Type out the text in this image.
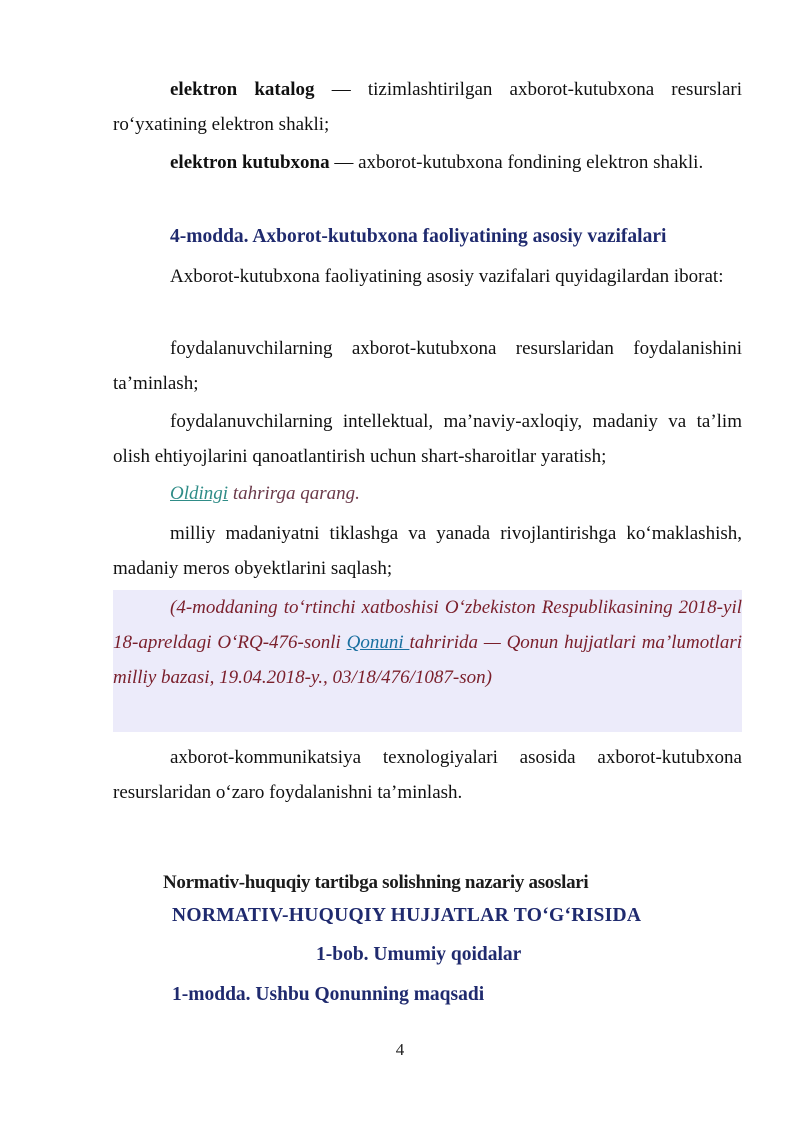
elektron katalog — tizimlashtirilgan axborot-kutubxona resurslari ro‘yxatining elektron shakli;
elektron kutubxona — axborot-kutubxona fondining elektron shakli.
4-modda. Axborot-kutubxona faoliyatining asosiy vazifalari
Axborot-kutubxona faoliyatining asosiy vazifalari quyidagilardan iborat:
foydalanuvchilarning axborot-kutubxona resurslaridan foydalanishini ta’minlash;
foydalanuvchilarning intellektual, ma’naviy-axloqiy, madaniy va ta’lim olish ehtiyojlarini qanoatlantirish uchun shart-sharoitlar yaratish;
Oldingi tahrirga qarang.
milliy madaniyatni tiklashga va yanada rivojlantirishga ko‘maklashish, madaniy meros obyektlarini saqlash;
(4-moddaning to‘rtinchi xatboshisi O‘zbekiston Respublikasining 2018-yil 18-apreldagi O‘RQ-476-sonli Qonuni tahririda — Qonun hujjatlari ma’lumotlari milliy bazasi, 19.04.2018-y., 03/18/476/1087-son)
axborot-kommunikatsiya texnologiyalari asosida axborot-kutubxona resurslaridan o‘zaro foydalanishni ta’minlash.
Normativ-huquqiy tartibga solishning nazariy asoslari
NORMATIV-HUQUQIY HUJJATLAR TO‘G‘RISIDA
1-bob. Umumiy qoidalar
1-modda. Ushbu Qonunning maqsadi
4
